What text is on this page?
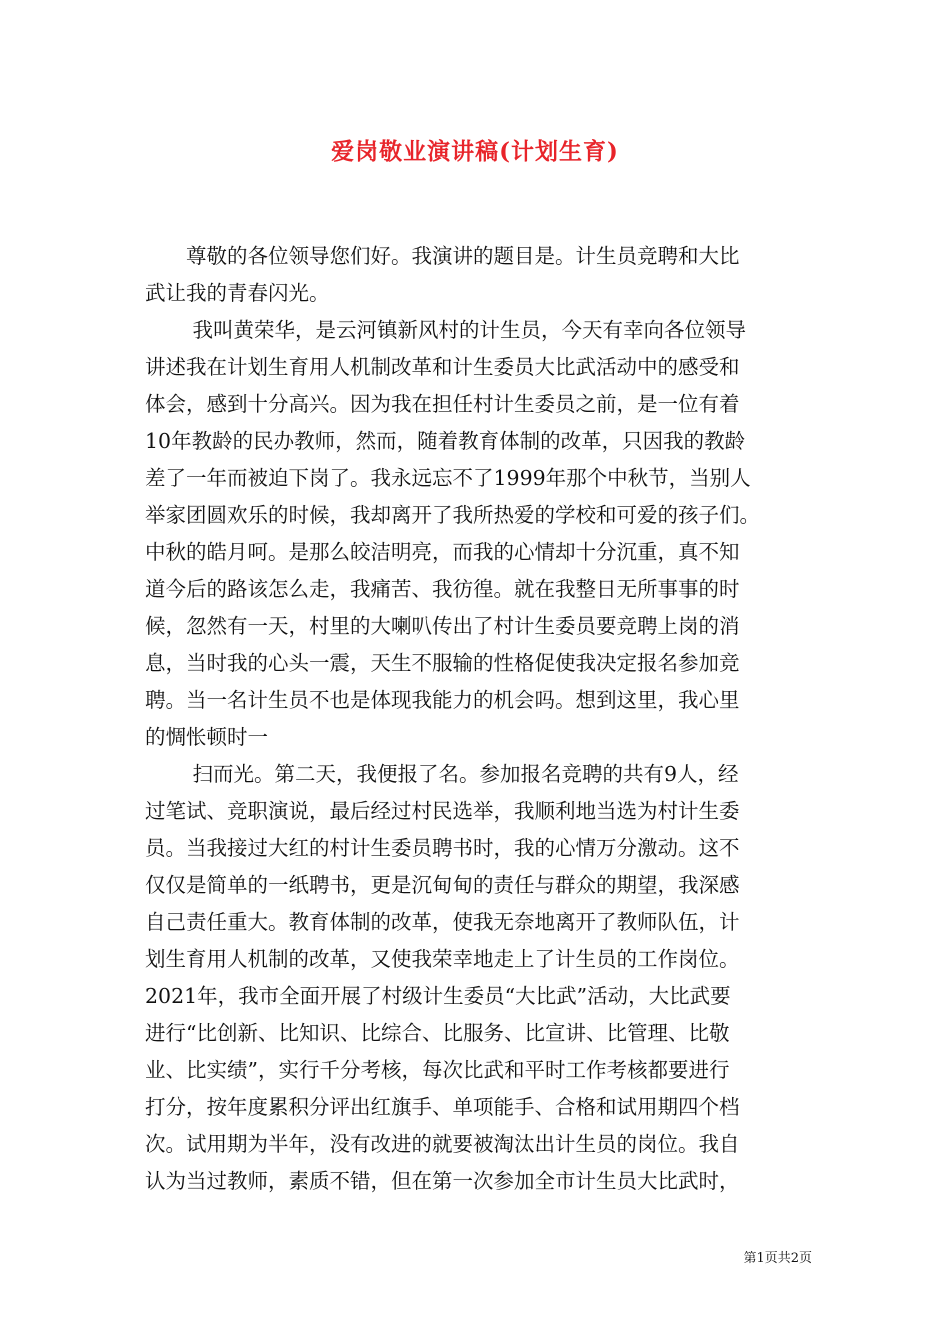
爱岗敬业演讲稿(计划生育)
　　尊敬的各位领导您们好。我演讲的题目是。计生员竞聘和大比
武让我的青春闪光。
　　 我叫黄荣华，是云河镇新风村的计生员，今天有幸向各位领导
讲述我在计划生育用人机制改革和计生委员大比武活动中的感受和
体会，感到十分高兴。因为我在担任村计生委员之前，是一位有着
10年教龄的民办教师，然而，随着教育体制的改革，只因我的教龄
差了一年而被迫下岗了。我永远忘不了1999年那个中秋节，当别人
举家团圆欢乐的时候，我却离开了我所热爱的学校和可爱的孩子们。
中秋的皓月呵。是那么皎洁明亮，而我的心情却十分沉重，真不知
道今后的路该怎么走，我痛苦、我彷徨。就在我整日无所事事的时
候，忽然有一天，村里的大喇叭传出了村计生委员要竞聘上岗的消
息，当时我的心头一震，天生不服输的性格促使我决定报名参加竞
聘。当一名计生员不也是体现我能力的机会吗。想到这里，我心里
的惆怅顿时一
　　 扫而光。第二天，我便报了名。参加报名竞聘的共有9人，经
过笔试、竞职演说，最后经过村民选举，我顺利地当选为村计生委
员。当我接过大红的村计生委员聘书时，我的心情万分激动。这不
仅仅是简单的一纸聘书，更是沉甸甸的责任与群众的期望，我深感
自己责任重大。教育体制的改革，使我无奈地离开了教师队伍，计
划生育用人机制的改革，又使我荣幸地走上了计生员的工作岗位。
2021年，我市全面开展了村级计生委员“大比武”活动，大比武要
进行“比创新、比知识、比综合、比服务、比宣讲、比管理、比敬
业、比实绩”，实行千分考核，每次比武和平时工作考核都要进行
打分，按年度累积分评出红旗手、单项能手、合格和试用期四个档
次。试用期为半年，没有改进的就要被淘汰出计生员的岗位。我自
认为当过教师，素质不错，但在第一次参加全市计生员大比武时，
第1页共2页
